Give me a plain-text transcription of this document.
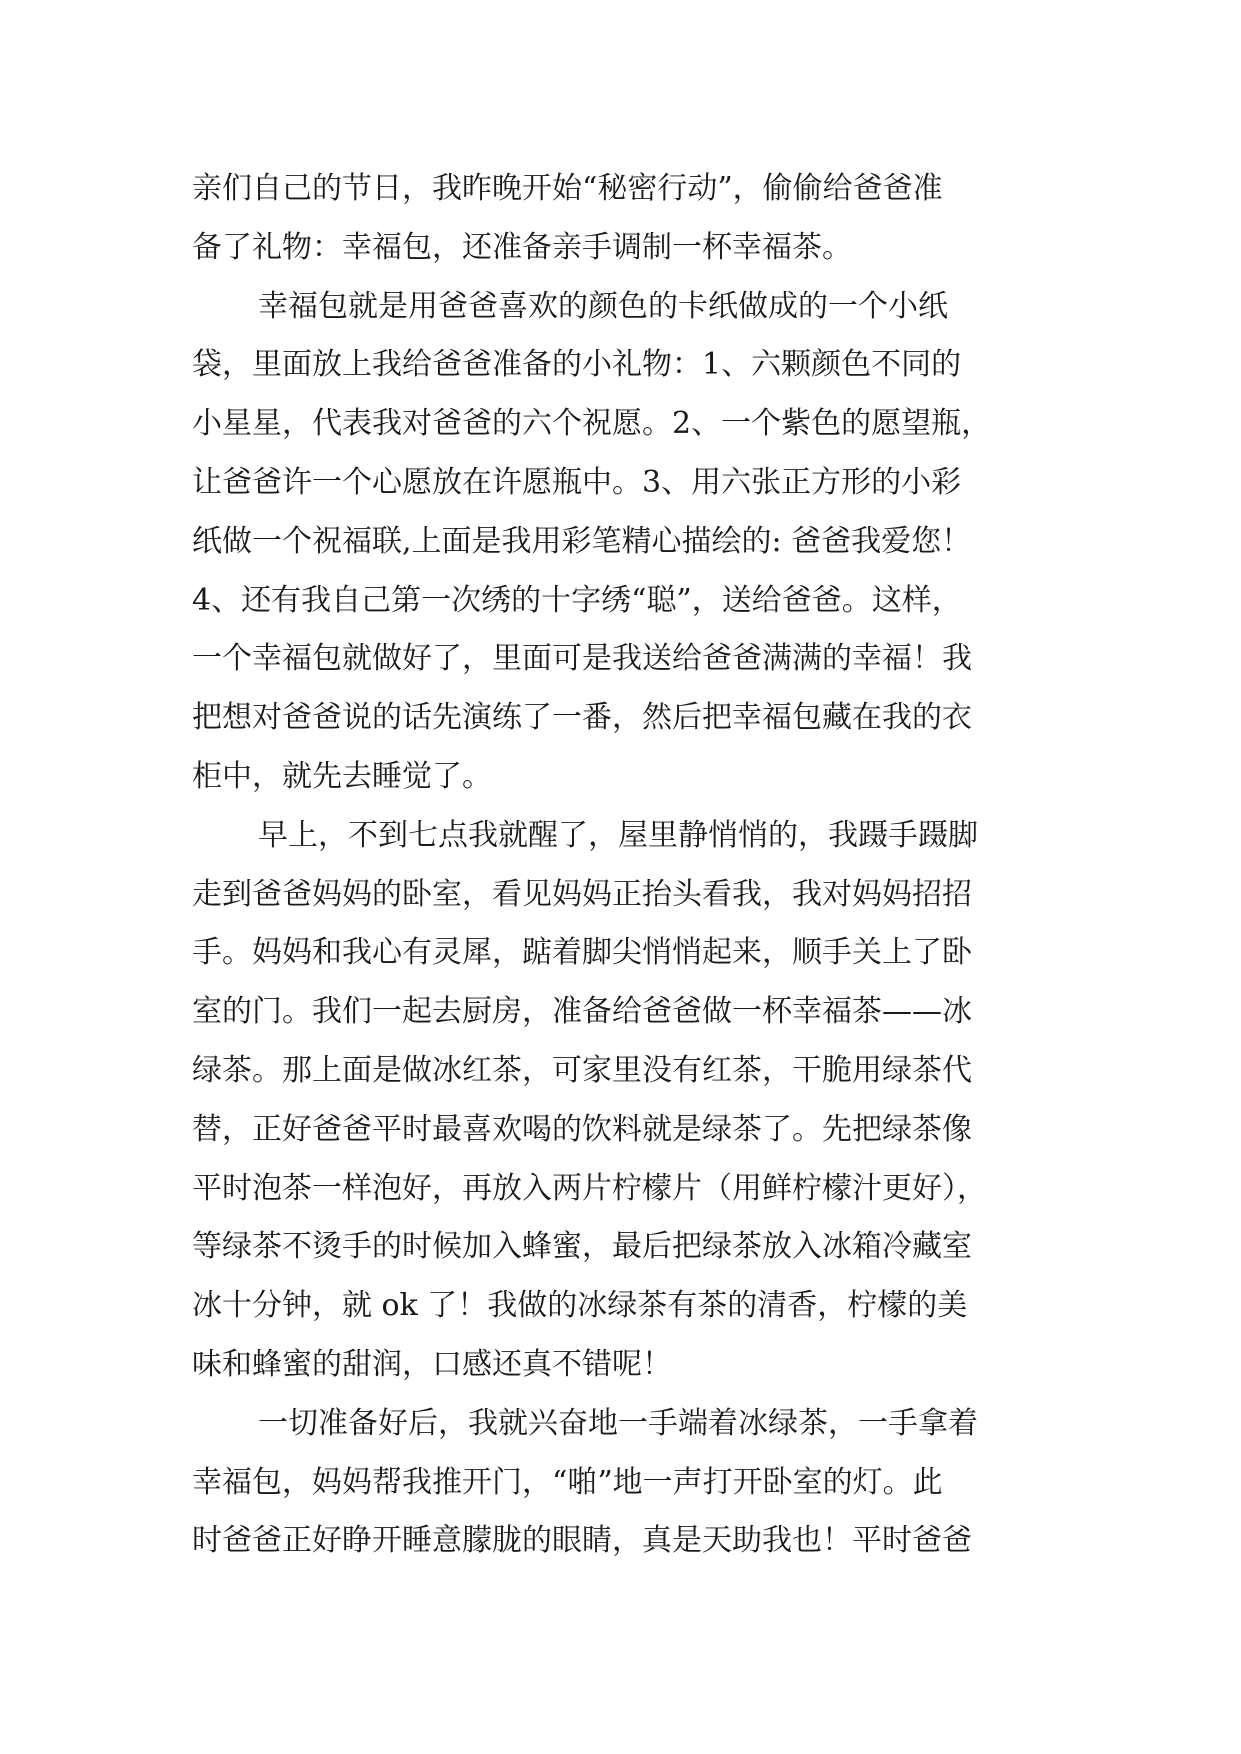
亲们自己的节日，我昨晚开始“秘密行动”，偷偷给爸爸准
备了礼物：幸福包，还准备亲手调制一杯幸福茶。
幸福包就是用爸爸喜欢的颜色的卡纸做成的一个小纸
袋，里面放上我给爸爸准备的小礼物：1、六颗颜色不同的
小星星，代表我对爸爸的六个祝愿。2、一个紫色的愿望瓶，
让爸爸许一个心愿放在许愿瓶中。3、用六张正方形的小彩
纸做一个祝福联,上面是我用彩笔精心描绘的: 爸爸我爱您！
4、还有我自己第一次绣的十字绣“聪”，送给爸爸。这样，
一个幸福包就做好了，里面可是我送给爸爸满满的幸福！我
把想对爸爸说的话先演练了一番，然后把幸福包藏在我的衣
柜中，就先去睡觉了。
早上，不到七点我就醒了，屋里静悄悄的，我蹑手蹑脚
走到爸爸妈妈的卧室，看见妈妈正抬头看我，我对妈妈招招
手。妈妈和我心有灵犀，踮着脚尖悄悄起来，顺手关上了卧
室的门。我们一起去厨房，准备给爸爸做一杯幸福茶——冰
绿茶。那上面是做冰红茶，可家里没有红茶，干脆用绿茶代
替，正好爸爸平时最喜欢喝的饮料就是绿茶了。先把绿茶像
平时泡茶一样泡好，再放入两片柠檬片（用鲜柠檬汁更好），
等绿茶不烫手的时候加入蜂蜜，最后把绿茶放入冰箱冷藏室
冰十分钟，就 ok 了！我做的冰绿茶有茶的清香，柠檬的美
味和蜂蜜的甜润，口感还真不错呢！
一切准备好后，我就兴奋地一手端着冰绿茶，一手拿着
幸福包，妈妈帮我推开门，“啪”地一声打开卧室的灯。此
时爸爸正好睁开睡意朦胧的眼睛，真是天助我也！平时爸爸
